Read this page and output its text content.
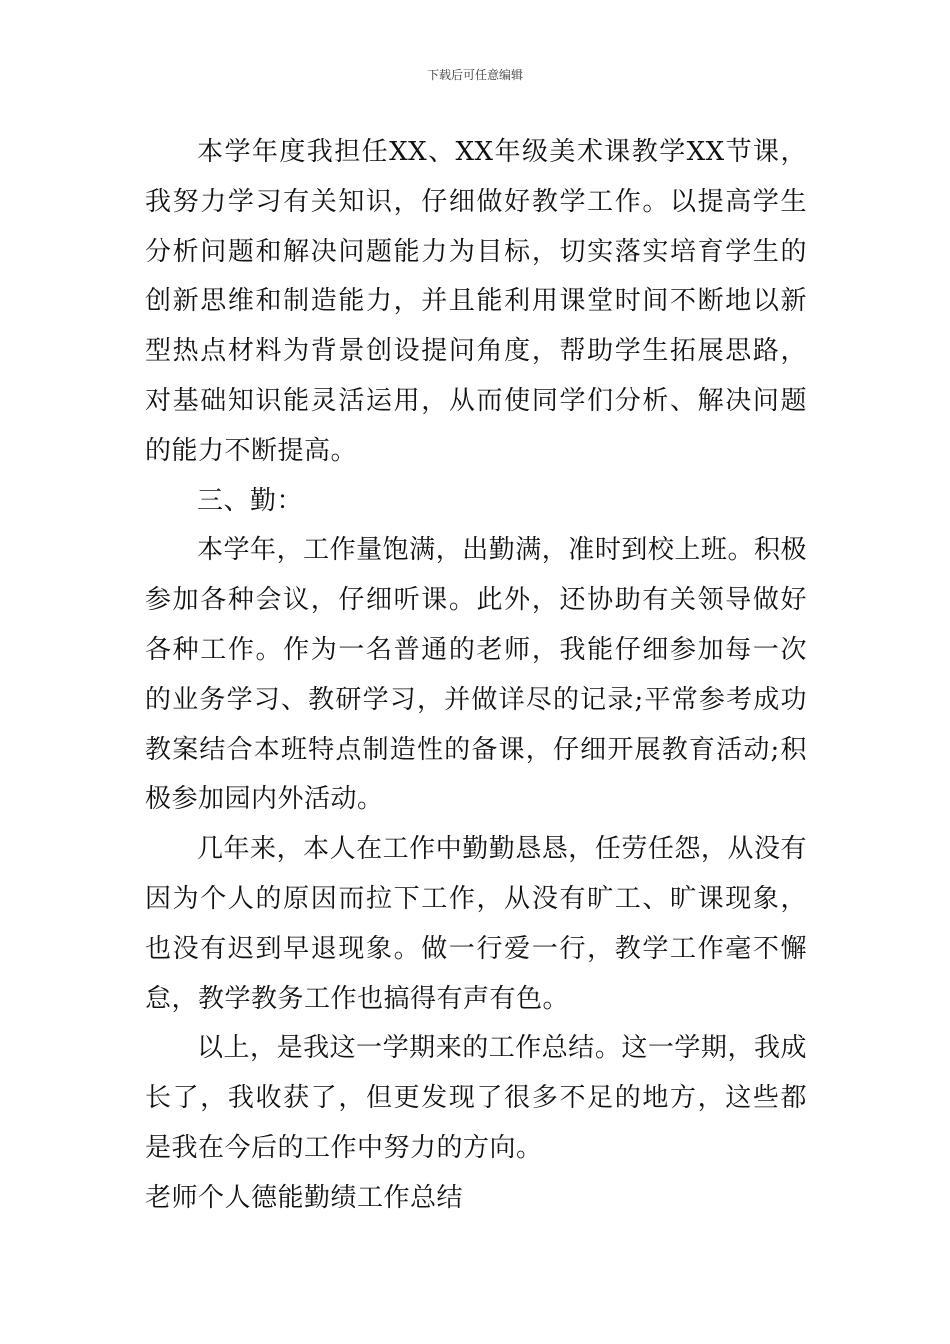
下载后可任意编辑

本学年度我担任XX、XX年级美术课教学XX节课，我努力学习有关知识，仔细做好教学工作。以提高学生分析问题和解决问题能力为目标，切实落实培育学生的创新思维和制造能力，并且能利用课堂时间不断地以新型热点材料为背景创设提问角度，帮助学生拓展思路，对基础知识能灵活运用，从而使同学们分析、解决问题的能力不断提高。

三、勤：

本学年，工作量饱满，出勤满，准时到校上班。积极参加各种会议，仔细听课。此外，还协助有关领导做好各种工作。作为一名普通的老师，我能仔细参加每一次的业务学习、教研学习，并做详尽的记录;平常参考成功教案结合本班特点制造性的备课，仔细开展教育活动;积极参加园内外活动。

几年来，本人在工作中勤勤恳恳，任劳任怨，从没有因为个人的原因而拉下工作，从没有旷工、旷课现象，也没有迟到早退现象。做一行爱一行，教学工作毫不懈怠，教学教务工作也搞得有声有色。

以上，是我这一学期来的工作总结。这一学期，我成长了，我收获了，但更发现了很多不足的地方，这些都是我在今后的工作中努力的方向。

老师个人德能勤绩工作总结
